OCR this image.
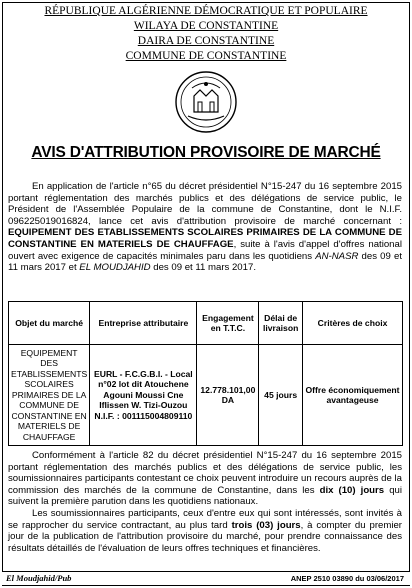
RÉPUBLIQUE ALGÉRIENNE DÉMOCRATIQUE ET POPULAIRE
WILAYA DE CONSTANTINE
DAIRA DE CONSTANTINE
COMMUNE DE CONSTANTINE
AVIS D'ATTRIBUTION PROVISOIRE DE MARCHÉ

En application de l'article n°65 du décret présidentiel N°15-247 du 16 septembre 2015 portant réglementation des marchés publics et des délégations de service public, le Président de l'Assemblée Populaire de la commune de Constantine, dont le N.I.F. 096225019016824, lance cet avis d'attribution provisoire de marché concernant : EQUIPEMENT DES ETABLISSEMENTS SCOLAIRES PRIMAIRES DE LA COMMUNE DE CONSTANTINE EN MATERIELS DE CHAUFFAGE, suite à l'avis d'appel d'offres national ouvert avec exigence de capacités minimales paru dans les quotidiens AN-NASR des 09 et 11 mars 2017 et EL MOUDJAHID des 09 et 11 mars 2017.

Objet du marché	Entreprise attributaire	Engagement en T.T.C.	Délai de livraison	Critères de choix
EQUIPEMENT DES ETABLISSEMENTS SCOLAIRES PRIMAIRES DE LA COMMUNE DE CONSTANTINE EN MATERIELS DE CHAUFFAGE	EURL - F.C.G.B.I. - Local n°02 lot dit Atouchene Agouni Moussi Cne Iflissen W. Tizi-Ouzou N.I.F. : 001115004809110	12.778.101,00 DA	45 jours	Offre économiquement avantageuse

Conformément à l'article 82 du décret présidentiel N°15-247 du 16 septembre 2015 portant réglementation des marchés publics et des délégations de service public, les soumissionnaires participants contestant ce choix peuvent introduire un recours auprès de la commission des marchés de la commune de Constantine, dans les dix (10) jours qui suivent la première parution dans les quotidiens nationaux.

Les soumissionnaires participants, ceux d'entre eux qui sont intéressés, sont invités à se rapprocher du service contractant, au plus tard trois (03) jours, à compter du premier jour de la publication de l'attribution provisoire du marché, pour prendre connaissance des résultats détaillés de l'évaluation de leurs offres techniques et financières.

El Moudjahid/Pub	ANEP 2510 03890 du 03/06/2017
